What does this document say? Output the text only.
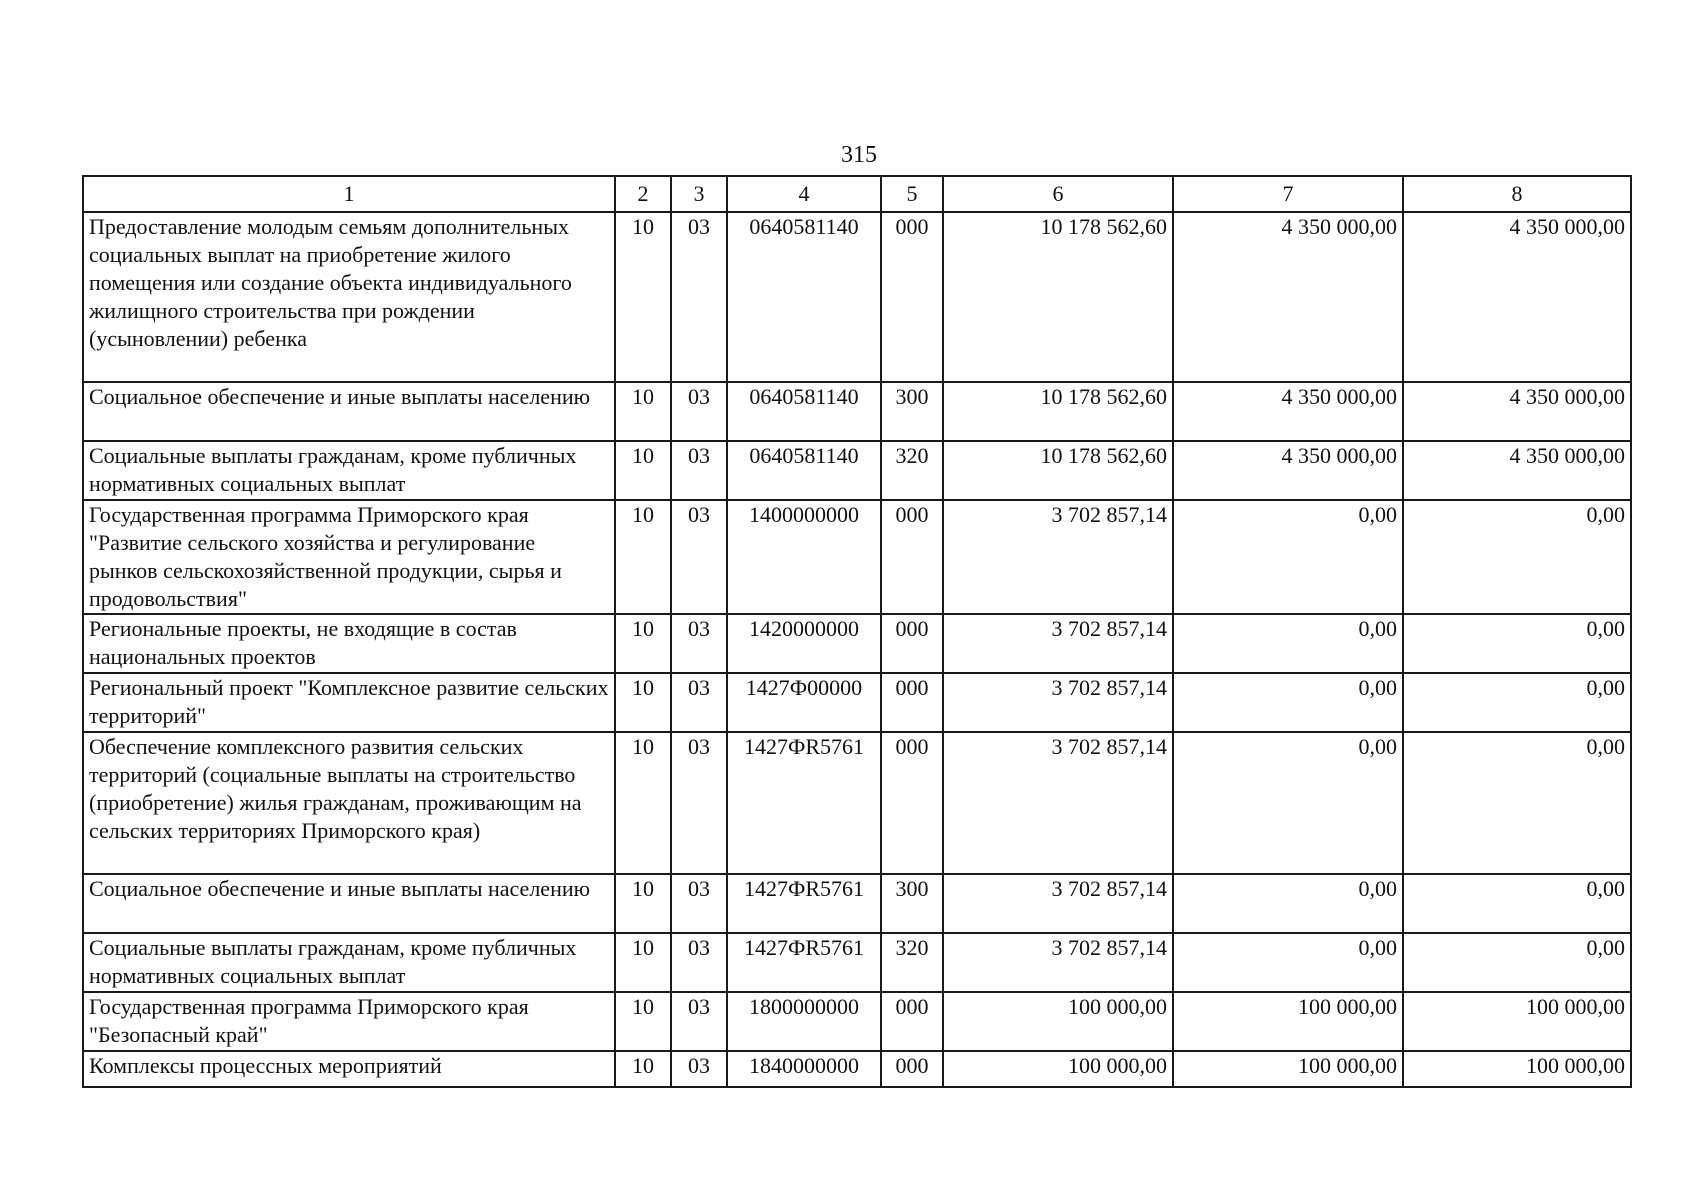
315
1	2	3	4	5	6	7	8
Предоставление молодым семьям дополнительных социальных выплат на приобретение жилого помещения или создание объекта индивидуального жилищного строительства при рождении (усыновлении) ребенка	10	03	0640581140	000	10 178 562,60	4 350 000,00	4 350 000,00
Социальное обеспечение и иные выплаты населению	10	03	0640581140	300	10 178 562,60	4 350 000,00	4 350 000,00
Социальные выплаты гражданам, кроме публичных нормативных социальных выплат	10	03	0640581140	320	10 178 562,60	4 350 000,00	4 350 000,00
Государственная программа Приморского края "Развитие сельского хозяйства и регулирование рынков сельскохозяйственной продукции, сырья и продовольствия"	10	03	1400000000	000	3 702 857,14	0,00	0,00
Региональные проекты, не входящие в состав национальных проектов	10	03	1420000000	000	3 702 857,14	0,00	0,00
Региональный проект "Комплексное развитие сельских территорий"	10	03	1427Ф00000	000	3 702 857,14	0,00	0,00
Обеспечение комплексного развития сельских территорий (социальные выплаты на строительство (приобретение) жилья гражданам, проживающим на сельских территориях Приморского края)	10	03	1427ФR5761	000	3 702 857,14	0,00	0,00
Социальное обеспечение и иные выплаты населению	10	03	1427ФR5761	300	3 702 857,14	0,00	0,00
Социальные выплаты гражданам, кроме публичных нормативных социальных выплат	10	03	1427ФR5761	320	3 702 857,14	0,00	0,00
Государственная программа Приморского края "Безопасный край"	10	03	1800000000	000	100 000,00	100 000,00	100 000,00
Комплексы процессных мероприятий	10	03	1840000000	000	100 000,00	100 000,00	100 000,00
